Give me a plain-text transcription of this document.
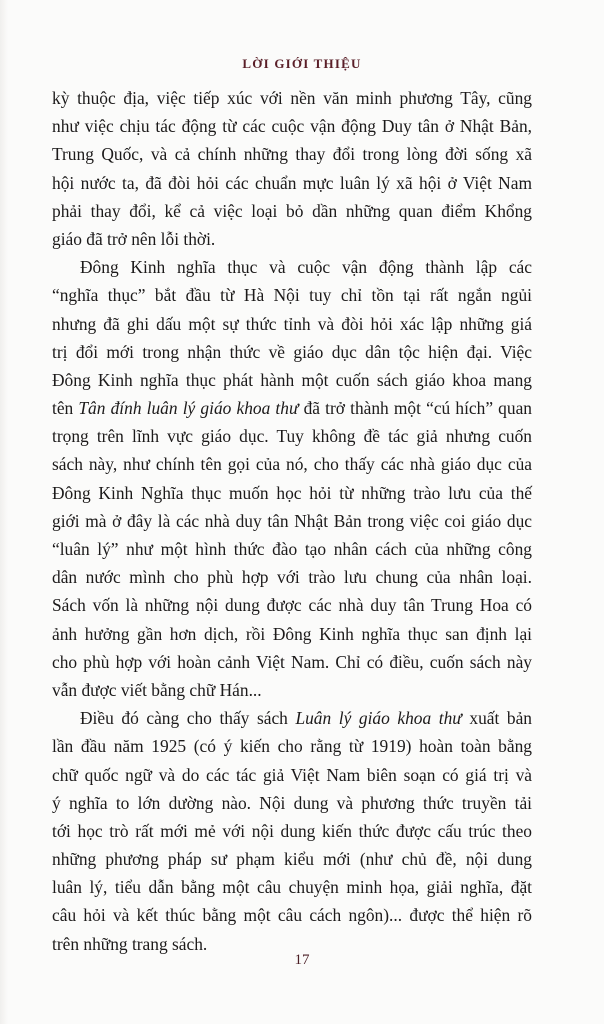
LỜI GIỚI THIỆU
kỳ thuộc địa, việc tiếp xúc với nền văn minh phương Tây, cũng
như việc chịu tác động từ các cuộc vận động Duy tân ở Nhật Bản,
Trung Quốc, và cả chính những thay đổi trong lòng đời sống xã
hội nước ta, đã đòi hỏi các chuẩn mực luân lý xã hội ở Việt Nam
phải thay đổi, kể cả việc loại bỏ dần những quan điểm Khổng
giáo đã trở nên lỗi thời.
Đông Kinh nghĩa thục và cuộc vận động thành lập các
“nghĩa thục” bắt đầu từ Hà Nội tuy chỉ tồn tại rất ngắn ngủi
nhưng đã ghi dấu một sự thức tỉnh và đòi hỏi xác lập những giá
trị đổi mới trong nhận thức về giáo dục dân tộc hiện đại. Việc
Đông Kinh nghĩa thục phát hành một cuốn sách giáo khoa mang
tên Tân đính luân lý giáo khoa thư đã trở thành một “cú hích” quan
trọng trên lĩnh vực giáo dục. Tuy không đề tác giả nhưng cuốn
sách này, như chính tên gọi của nó, cho thấy các nhà giáo dục của
Đông Kinh Nghĩa thục muốn học hỏi từ những trào lưu của thế
giới mà ở đây là các nhà duy tân Nhật Bản trong việc coi giáo dục
“luân lý” như một hình thức đào tạo nhân cách của những công
dân nước mình cho phù hợp với trào lưu chung của nhân loại.
Sách vốn là những nội dung được các nhà duy tân Trung Hoa có
ảnh hưởng gần hơn dịch, rồi Đông Kinh nghĩa thục san định lại
cho phù hợp với hoàn cảnh Việt Nam. Chỉ có điều, cuốn sách này
vẫn được viết bằng chữ Hán...
Điều đó càng cho thấy sách Luân lý giáo khoa thư xuất bản
lần đầu năm 1925 (có ý kiến cho rằng từ 1919) hoàn toàn bằng
chữ quốc ngữ và do các tác giả Việt Nam biên soạn có giá trị và
ý nghĩa to lớn dường nào. Nội dung và phương thức truyền tải
tới học trò rất mới mẻ với nội dung kiến thức được cấu trúc theo
những phương pháp sư phạm kiểu mới (như chủ đề, nội dung
luân lý, tiểu dẫn bằng một câu chuyện minh họa, giải nghĩa, đặt
câu hỏi và kết thúc bằng một câu cách ngôn)... được thể hiện rõ
trên những trang sách.
17
